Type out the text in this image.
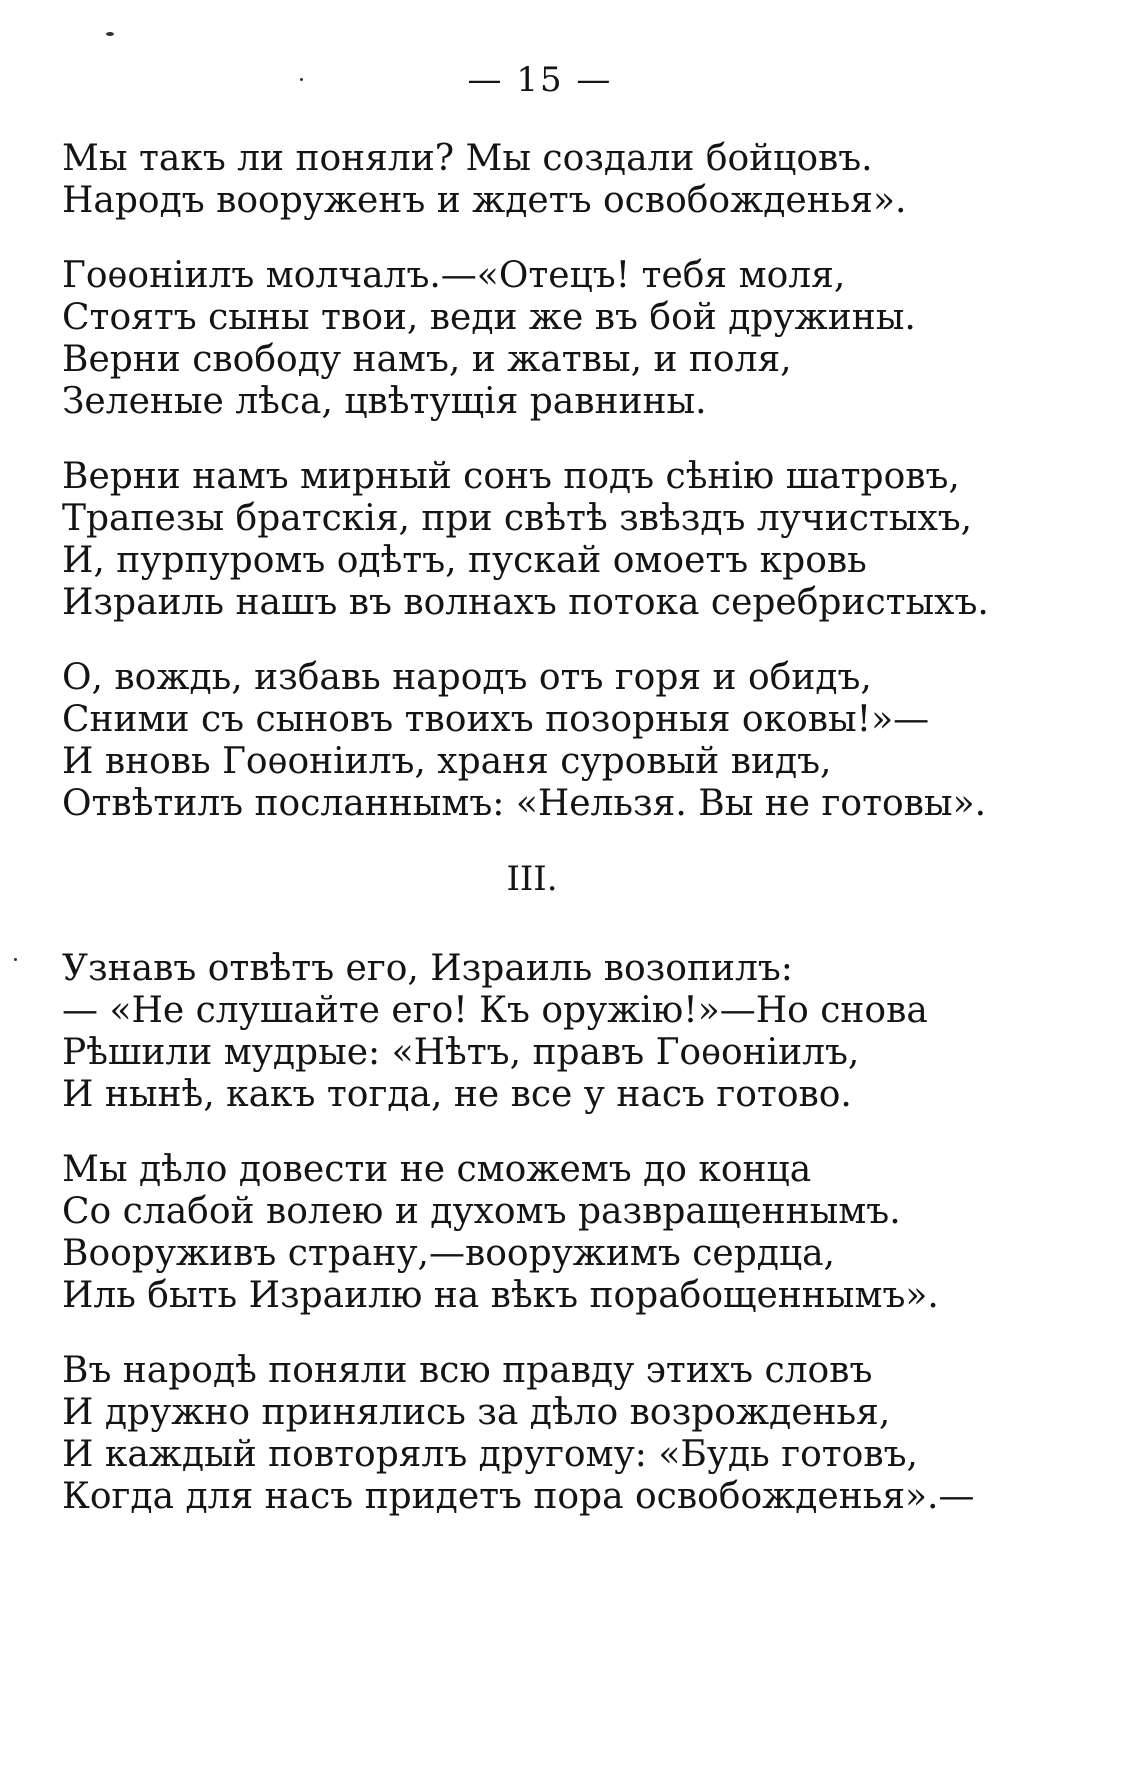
— 15 —
Мы такъ ли поняли? Мы создали бойцовъ.
Народъ вооруженъ и ждетъ освобожденья».
Гоѳонiилъ молчалъ.—«Отецъ! тебя моля,
Стоятъ сыны твои, веди же въ бой дружины.
Верни свободу намъ, и жатвы, и поля,
Зеленые лѣса, цвѣтущiя равнины.
Верни намъ мирный сонъ подъ сѣнiю шатровъ,
Трапезы братскiя, при свѣтѣ звѣздъ лучистыхъ,
И, пурпуромъ одѣтъ, пускай омоетъ кровь
Израиль нашъ въ волнахъ потока серебристыхъ.
О, вождь, избавь народъ отъ горя и обидъ,
Сними съ сыновъ твоихъ позорныя оковы!»—
И вновь Гоѳонiилъ, храня суровый видъ,
Отвѣтилъ посланнымъ: «Нельзя. Вы не готовы».
III.
Узнавъ отвѣтъ его, Израиль возопилъ:
— «Не слушайте его! Къ оружiю!»—Но снова
Рѣшили мудрые: «Нѣтъ, правъ Гоѳонiилъ,
И нынѣ, какъ тогда, не все у насъ готово.
Мы дѣло довести не сможемъ до конца
Со слабой волею и духомъ развращеннымъ.
Вооруживъ страну,—вооружимъ сердца,
Иль быть Израилю на вѣкъ порабощеннымъ».
Въ народѣ поняли всю правду этихъ словъ
И дружно принялись за дѣло возрожденья,
И каждый повторялъ другому: «Будь готовъ,
Когда для насъ придетъ пора освобожденья».—
